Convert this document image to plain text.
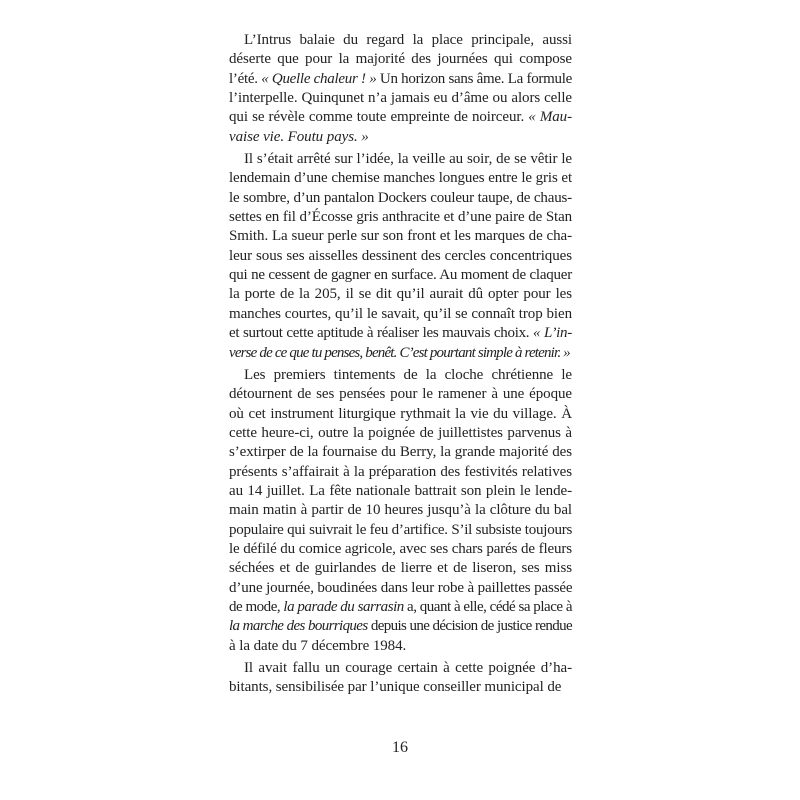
L’Intrus balaie du regard la place principale, aussi
déserte que pour la majorité des journées qui compose
l’été. « Quelle chaleur ! » Un horizon sans âme. La formule
l’interpelle. Quinqunet n’a jamais eu d’âme ou alors celle
qui se révèle comme toute empreinte de noirceur. « Mau-
vaise vie. Foutu pays. »
Il s’était arrêté sur l’idée, la veille au soir, de se vêtir le
lendemain d’une chemise manches longues entre le gris et
le sombre, d’un pantalon Dockers couleur taupe, de chaus-
settes en fil d’Écosse gris anthracite et d’une paire de Stan
Smith. La sueur perle sur son front et les marques de cha-
leur sous ses aisselles dessinent des cercles concentriques
qui ne cessent de gagner en surface. Au moment de claquer
la porte de la 205, il se dit qu’il aurait dû opter pour les
manches courtes, qu’il le savait, qu’il se connaît trop bien
et surtout cette aptitude à réaliser les mauvais choix. « L’in-
verse de ce que tu penses, benêt. C’est pourtant simple à retenir. »
Les premiers tintements de la cloche chrétienne le
détournent de ses pensées pour le ramener à une époque
où cet instrument liturgique rythmait la vie du village. À
cette heure-ci, outre la poignée de juillettistes parvenus à
s’extirper de la fournaise du Berry, la grande majorité des
présents s’affairait à la préparation des festivités relatives
au 14 juillet. La fête nationale battrait son plein le lende-
main matin à partir de 10 heures jusqu’à la clôture du bal
populaire qui suivrait le feu d’artifice. S’il subsiste toujours
le défilé du comice agricole, avec ses chars parés de fleurs
séchées et de guirlandes de lierre et de liseron, ses miss
d’une journée, boudinées dans leur robe à paillettes passée
de mode, la parade du sarrasin a, quant à elle, cédé sa place à
la marche des bourriques depuis une décision de justice rendue
à la date du 7 décembre 1984.
Il avait fallu un courage certain à cette poignée d’ha-
bitants, sensibilisée par l’unique conseiller municipal de
16
